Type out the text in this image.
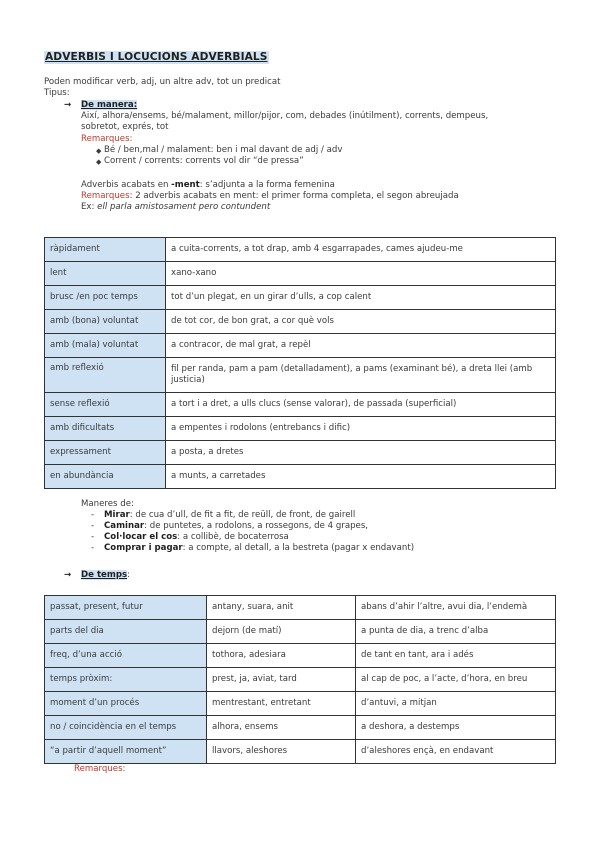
ADVERBIS I LOCUCIONS ADVERBIALS
Poden modificar verb, adj, un altre adv, tot un predicat
Tipus:
→ De manera:
Així, alhora/ensems, bé/malament, millor/pijor, com, debades (inútilment), corrents, dempeus,
sobretot, exprés, tot
Remarques:
◆ Bé / ben,mal / malament: ben i mal davant de adj / adv
◆ Corrent / corrents: corrents vol dir “de pressa”
Adverbis acabats en -ment: s’adjunta a la forma femenina
Remarques: 2 adverbis acabats en ment: el primer forma completa, el segon abreujada
Ex: ell parla amistosament pero contundent
ràpidament	a cuita-corrents, a tot drap, amb 4 esgarrapades, cames ajudeu-me
lent	xano-xano
brusc /en poc temps	tot d’un plegat, en un girar d’ulls, a cop calent
amb (bona) voluntat	de tot cor, de bon grat, a cor què vols
amb (mala) voluntat	a contracor, de mal grat, a repèl
amb reflexió	fil per randa, pam a pam (detalladament), a pams (examinant bé), a dreta llei (amb justicia)
sense reflexió	a tort i a dret, a ulls clucs (sense valorar), de passada (superficial)
amb dificultats	a empentes i rodolons (entrebancs i dific)
expressament	a posta, a dretes
en abundància	a munts, a carretades
Maneres de:
- Mirar: de cua d’ull, de fit a fit, de reüll, de front, de gairell
- Caminar: de puntetes, a rodolons, a rossegons, de 4 grapes,
- Col·locar el cos: a collibè, de bocaterrosa
- Comprar i pagar: a compte, al detall, a la bestreta (pagar x endavant)
→ De temps:
passat, present, futur	antany, suara, anit	abans d’ahir l’altre, avui dia, l’endemà
parts del dia	dejorn (de matí)	a punta de dia, a trenc d’alba
freq, d’una acció	tothora, adesiara	de tant en tant, ara i adés
temps pròxim:	prest, ja, aviat, tard	al cap de poc, a l’acte, d’hora, en breu
moment d’un procés	mentrestant, entretant	d’antuvi, a mitjan
no / coincidència en el temps	alhora, ensems	a deshora, a destemps
“a partir d’aquell moment”	llavors, aleshores	d’aleshores ençà, en endavant
Remarques:
